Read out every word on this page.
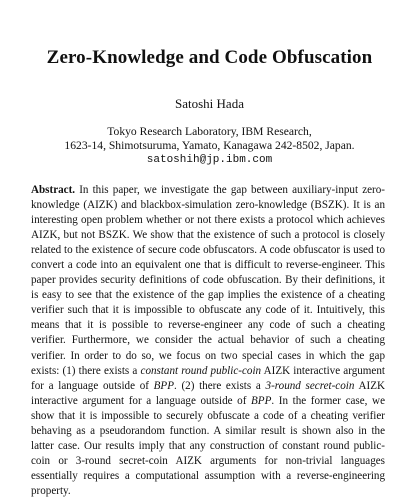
Zero-Knowledge and Code Obfuscation
Satoshi Hada
Tokyo Research Laboratory, IBM Research,
1623-14, Shimotsuruma, Yamato, Kanagawa 242-8502, Japan.
satoshih@jp.ibm.com
Abstract. In this paper, we investigate the gap between auxiliary-input zero-knowledge (AIZK) and blackbox-simulation zero-knowledge (BSZK). It is an interesting open problem whether or not there exists a protocol which achieves AIZK, but not BSZK. We show that the existence of such a protocol is closely related to the existence of secure code obfuscators. A code obfuscator is used to convert a code into an equivalent one that is difficult to reverse-engineer. This paper provides security definitions of code obfuscation. By their definitions, it is easy to see that the existence of the gap implies the existence of a cheating verifier such that it is impossible to obfuscate any code of it. Intuitively, this means that it is possible to reverse-engineer any code of such a cheating verifier. Furthermore, we consider the actual behavior of such a cheating verifier. In order to do so, we focus on two special cases in which the gap exists: (1) there exists a constant round public-coin AIZK interactive argument for a language outside of BPP. (2) there exists a 3-round secret-coin AIZK interactive argument for a language outside of BPP. In the former case, we show that it is impossible to securely obfuscate a code of a cheating verifier behaving as a pseudorandom function. A similar result is shown also in the latter case. Our results imply that any construction of constant round public-coin or 3-round secret-coin AIZK arguments for non-trivial languages essentially requires a computational assumption with a reverse-engineering property.
